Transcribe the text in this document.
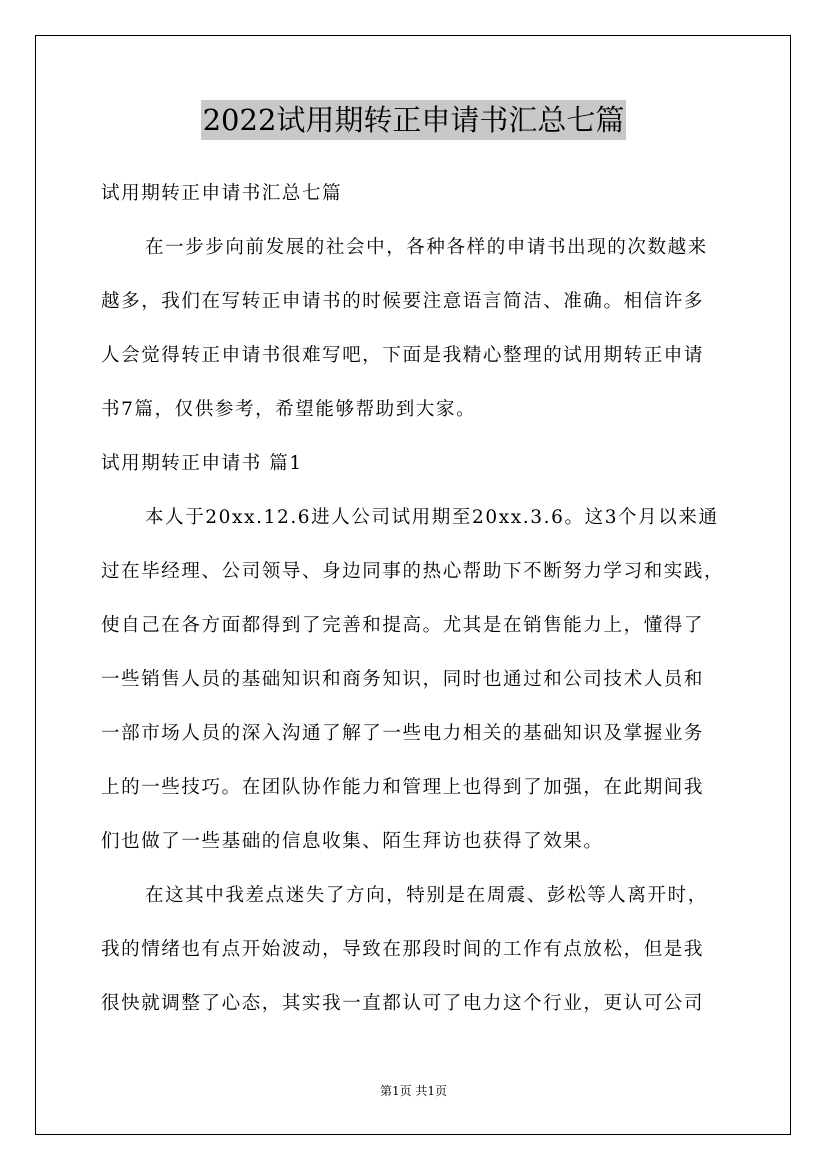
2022试用期转正申请书汇总七篇
试用期转正申请书汇总七篇
在一步步向前发展的社会中，各种各样的申请书出现的次数越来
越多，我们在写转正申请书的时候要注意语言简洁、准确。相信许多
人会觉得转正申请书很难写吧，下面是我精心整理的试用期转正申请
书7篇，仅供参考，希望能够帮助到大家。
试用期转正申请书 篇1
本人于20xx.12.6进人公司试用期至20xx.3.6。这3个月以来通
过在毕经理、公司领导、身边同事的热心帮助下不断努力学习和实践，
使自己在各方面都得到了完善和提高。尤其是在销售能力上，懂得了
一些销售人员的基础知识和商务知识，同时也通过和公司技术人员和
一部市场人员的深入沟通了解了一些电力相关的基础知识及掌握业务
上的一些技巧。在团队协作能力和管理上也得到了加强，在此期间我
们也做了一些基础的信息收集、陌生拜访也获得了效果。
在这其中我差点迷失了方向，特别是在周震、彭松等人离开时，
我的情绪也有点开始波动，导致在那段时间的工作有点放松，但是我
很快就调整了心态，其实我一直都认可了电力这个行业，更认可公司
第1页 共1页
